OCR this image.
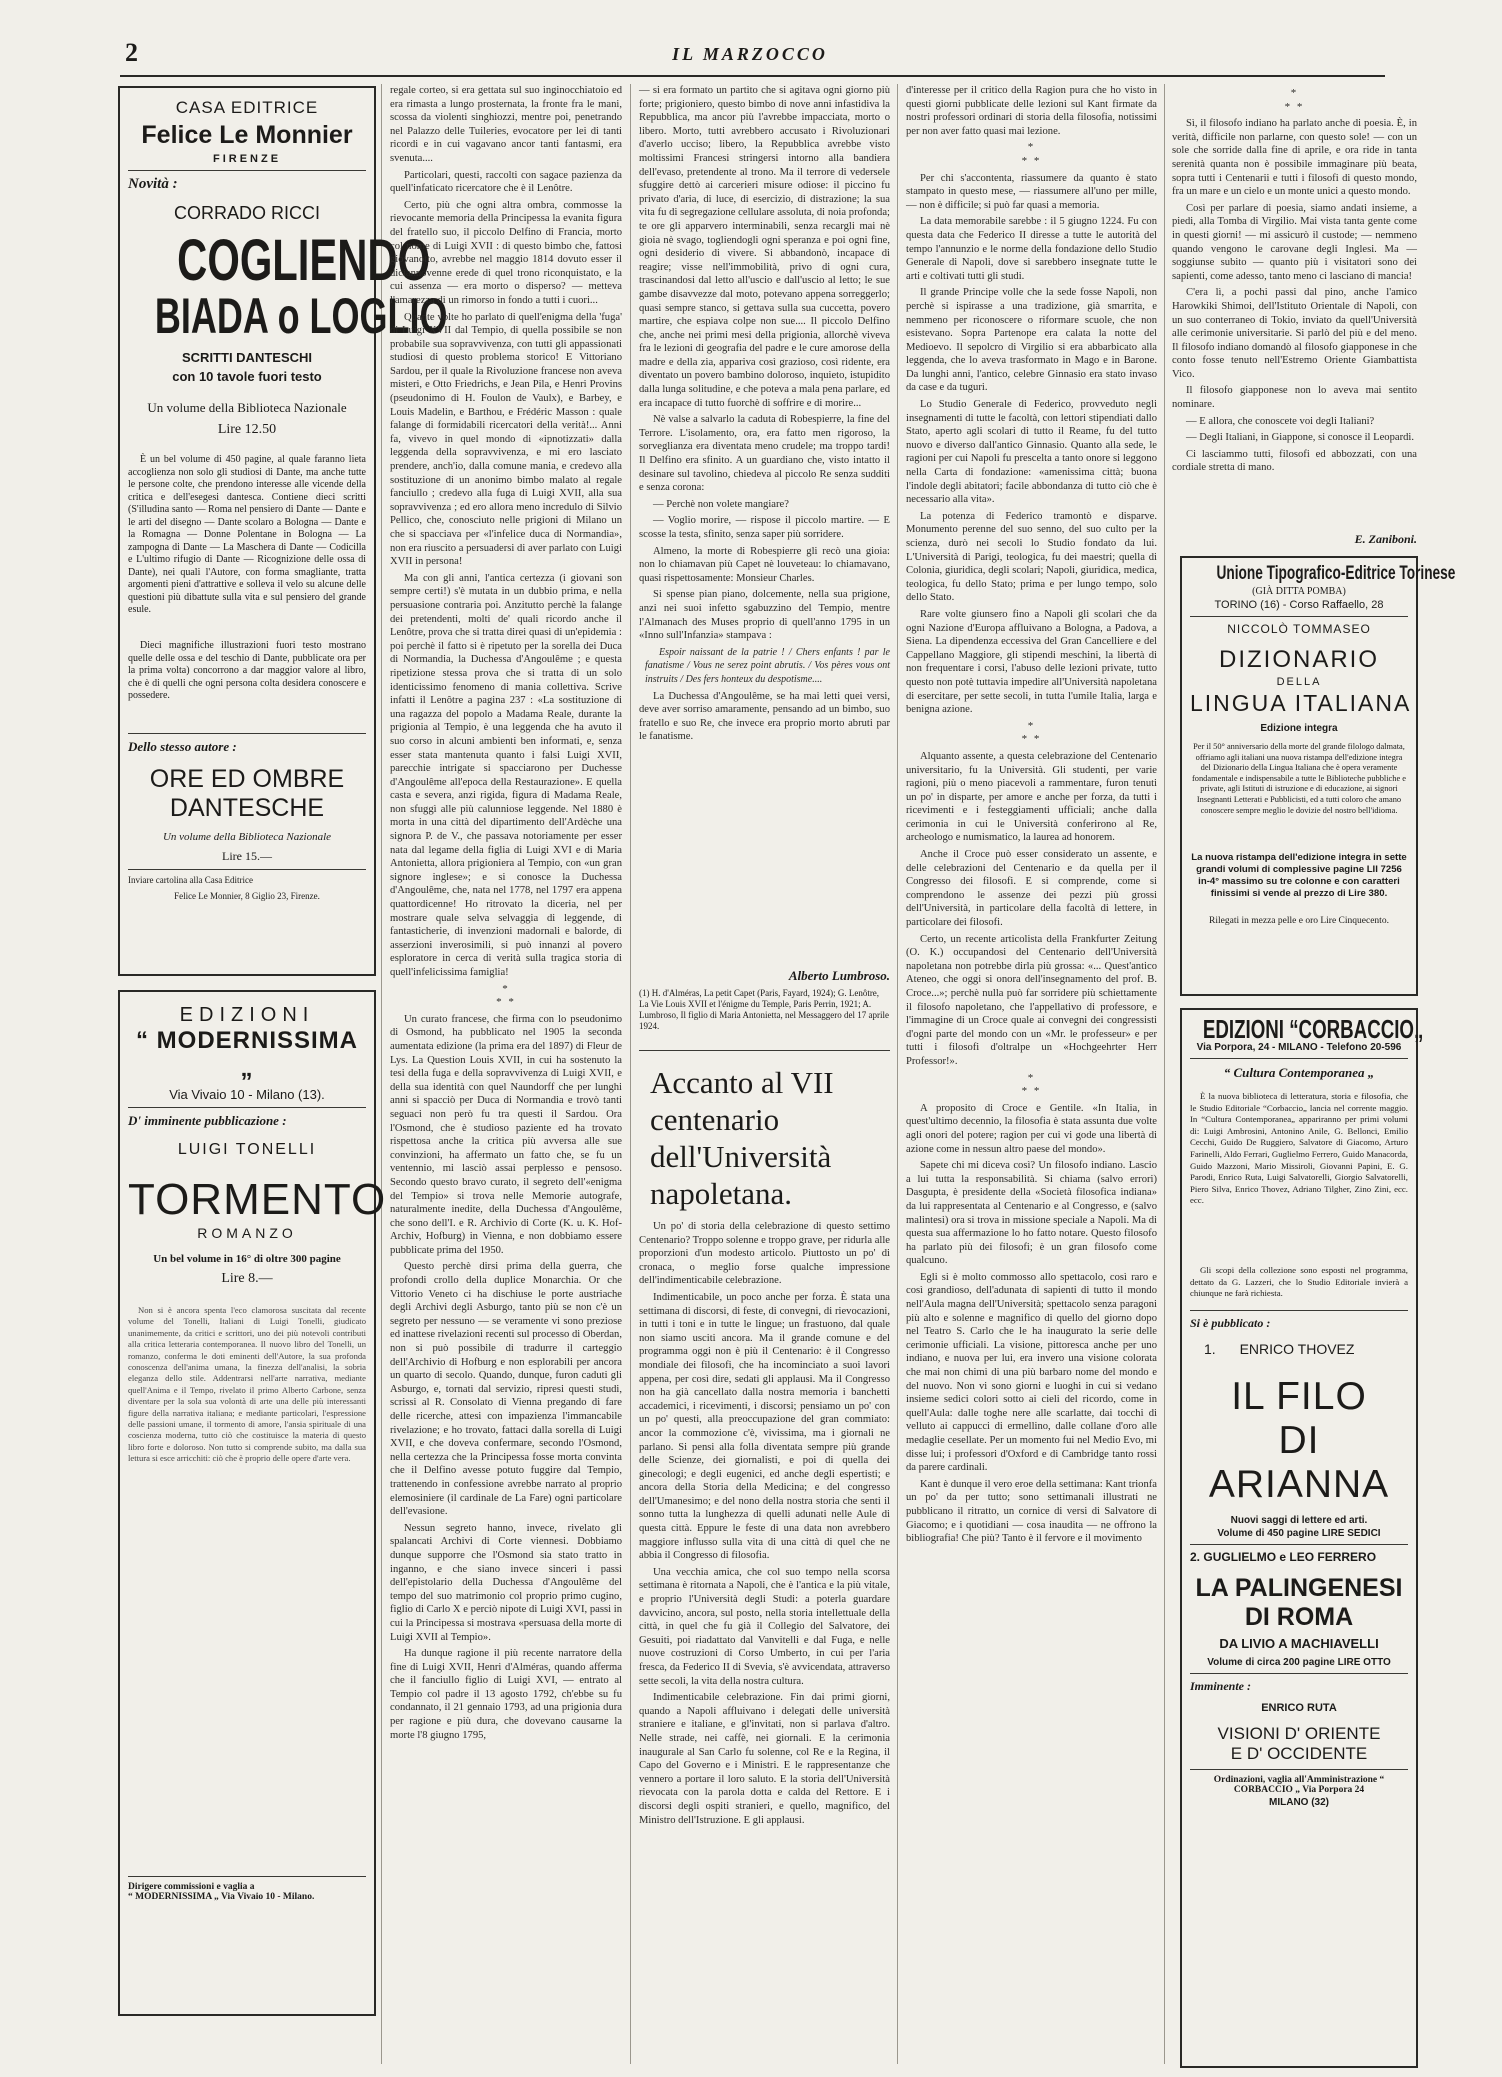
2	IL MARZOCCO
CASA EDITRICE
Felice Le Monnier
FIRENZE
Novità :
CORRADO RICCI
COGLIENDO
BIADA o LOGLIO
SCRITTI DANTESCHI
con 10 tavole fuori testo
Un volume della Biblioteca Nazionale
Lire 12.50

È un bel volume di 450 pagine, al quale faranno lieta accoglienza non solo gli studiosi di Dante, ma anche tutte le persone colte, che prendono interesse alle vicende della critica e dell'esegesi dantesca. Contiene dieci scritti (S'illudina santo — Roma nel pensiero di Dante — Dante e le arti del disegno — Dante scolaro a Bologna — Dante e la Romagna — Donne Polentane in Bologna — La zampogna di Dante — La Maschera di Dante — Codicilla e L'ultimo rifugio di Dante — Ricognizione delle ossa di Dante), nei quali l'Autore, con forma smagliante, tratta argomenti pieni d'attrattive e solleva il velo su alcune delle questioni più dibattute sulla vita e sul pensiero del grande esule.

Dieci magnifiche illustrazioni fuori testo mostrano quelle delle ossa e del teschio di Dante, pubblicate ora per la prima volta) concorrono a dar maggior valore al libro, che è di quelli che ogni persona colta desidera conoscere e possedere.

Dello stesso autore :
ORE ED OMBRE
DANTESCHE
Un volume della Biblioteca Nazionale
Lire 15.—
Inviare cartolina alla Casa Editrice
Felice Le Monnier, 8 Giglio 23, Firenze.
EDIZIONI
“ MODERNISSIMA „
Via Vivaio 10 - Milano (13).
D' imminente pubblicazione :
LUIGI TONELLI
TORMENTO
ROMANZO
Un bel volume in 16° di oltre 300 pagine
Lire 8.—

Non si è ancora spenta l'eco clamorosa suscitata dal recente volume del Tonelli, Italiani di Luigi Tonelli, giudicato unanimemente, da critici e scrittori, uno dei più notevoli contributi alla critica letteraria contemporanea. Il nuovo libro del Tonelli, un romanzo, conferma le doti eminenti dell'Autore, la sua profonda conoscenza dell'anima umana, la finezza dell'analisi, la sobria eleganza dello stile. Addentrarsi nell'arte narrativa, mediante quell'Anima e il Tempo, rivelato il primo Alberto Carbone, senza diventare per la sola sua volontà di arte una delle più interessanti figure della narrativa italiana; e mediante particolari, l'espressione delle passioni umane, il tormento di amore, l'ansia spirituale di una coscienza moderna, tutto ciò che costituisce la materia di questo libro forte e doloroso. Non tutto si comprende subito, ma dalla sua lettura si esce arricchiti: ciò che è proprio delle opere d'arte vera.

Dirigere commissioni e vaglia a
“ MODERNISSIMA „ Via Vivaio 10 - Milano.

regale corteo, si era gettata sul suo inginocchiatoio ed era rimasta a lungo prosternata, la fronte fra le mani, scossa da violenti singhiozzi, mentre poi, penetrando nel Palazzo delle Tuileries, evocatore per lei di tanti ricordi e in cui vagavano ancor tanti fantasmi, era svenuta....

Particolari, questi, raccolti con sagace pazienza da quell'infaticato ricercatore che è il Lenôtre.

Certo, più che ogni altra ombra, commosse la rievocante memoria della Principessa la evanita figura del fratello suo, il piccolo Delfino di Francia, morto col nome di Luigi XVII : di questo bimbo che, fattosi giovanotto, avrebbe nel maggio 1814 dovuto esser il diciannovenne erede di quel trono riconquistato, e la cui assenza — era morto o disperso? — metteva l'amarezza di un rimorso in fondo a tutti i cuori...

Quante volte ho parlato di quell'enigma della 'fuga' di Luigi XVII dal Tempio, di quella possibile se non probabile sua sopravvivenza, con tutti gli appassionati studiosi di questo problema storico! E Vittoriano Sardou, per il quale la Rivoluzione francese non aveva misteri, e Otto Friedrichs, e Jean Pila, e Henri Provins (pseudonimo di H. Foulon de Vaulx), e Barbey, e Louis Madelin, e Barthou, e Frédéric Masson : quale falange di formidabili ricercatori della verità!... Anni fa, vivevo in quel mondo di «ipnotizzati» dalla leggenda della sopravvivenza, e mi ero lasciato prendere, anch'io, dalla comune mania, e credevo alla sostituzione di un anonimo bimbo malato al regale fanciullo ; credevo alla fuga di Luigi XVII, alla sua sopravvivenza ; ed ero allora meno incredulo di Silvio Pellico, che, conosciuto nelle prigioni di Milano un che si spacciava per «l'infelice duca di Normandia», non era riuscito a persuadersi di aver parlato con Luigi XVII in persona!

Ma con gli anni, l'antica certezza (i giovani son sempre certi!) s'è mutata in un dubbio prima, e nella persuasione contraria poi. Anzitutto perchè la falange dei pretendenti, molti de' quali ricordo anche il Lenôtre, prova che si tratta direi quasi di un'epidemia : poi perchè il fatto si è ripetuto per la sorella dei Duca di Normandia, la Duchessa d'Angoulême ; e questa ripetizione stessa prova che si tratta di un solo identicissimo fenomeno di mania collettiva. Scrive infatti il Lenôtre a pagina 237 : «La sostituzione di una ragazza del popolo a Madama Reale, durante la prigionia al Tempio, è una leggenda che ha avuto il suo corso in alcuni ambienti ben informati, e, senza esser stata mantenuta quanto i falsi Luigi XVII, parecchie intrigate si spacciarono per Duchesse d'Angoulême all'epoca della Restaurazione». E quella casta e severa, anzi rigida, figura di Madama Reale, non sfuggì alle più calunniose leggende. Nel 1880 è morta in una città del dipartimento dell'Ardèche una signora P. de V., che passava notoriamente per esser nata dal legame della figlia di Luigi XVI e di Maria Antonietta, allora prigioniera al Tempio, con «un gran signore inglese»; e si conosce la Duchessa d'Angoulême, che, nata nel 1778, nel 1797 era appena quattordicenne! Ho ritrovato la diceria, nel per mostrare quale selva selvaggia di leggende, di fantasticherie, di invenzioni madornali e balorde, di asserzioni inverosimili, si può innanzi al povero esploratore in cerca di verità sulla tragica storia di quell'infelicissima famiglia!

*
* *

Un curato francese, che firma con lo pseudonimo di Osmond, ha pubblicato nel 1905 la seconda aumentata edizione (la prima era del 1897) di Fleur de Lys. La Question Louis XVII, in cui ha sostenuto la tesi della fuga e della sopravvivenza di Luigi XVII, e della sua identità con quel Naundorff che per lunghi anni si spacciò per Duca di Normandia e trovò tanti seguaci non però fu tra questi il Sardou. Ora l'Osmond, che è studioso paziente ed ha trovato rispettosa anche la critica più avversa alle sue convinzioni, ha affermato un fatto che, se fu un ventennio, mi lasciò assai perplesso e pensoso. Secondo questo bravo curato, il segreto dell'«enigma del Tempio» si trova nelle Memorie autografe, naturalmente inedite, della Duchessa d'Angoulême, che sono dell'I. e R. Archivio di Corte (K. u. K. Hof-Archiv, Hofburg) in Vienna, e non dobbiamo essere pubblicate prima del 1950.

Questo perchè dirsi prima della guerra, che profondi crollo della duplice Monarchia. Or che Vittorio Veneto ci ha dischiuse le porte austriache degli Archivi degli Asburgo, tanto più se non c'è un segreto per nessuno — se veramente vi sono preziose ed inattese rivelazioni recenti sul processo di Oberdan, non si può possibile di tradurre il carteggio dell'Archivio di Hofburg e non esplorabili per ancora un quarto di secolo. Quando, dunque, furon caduti gli Asburgo, e, tornati dal servizio, ripresi questi studi, scrissi al R. Consolato di Vienna pregando di fare delle ricerche, attesi con impazienza l'immancabile rivelazione; e ho trovato, fattaci dalla sorella di Luigi XVII, e che doveva confermare, secondo l'Osmond, nella certezza che la Principessa fosse morta convinta che il Delfino avesse potuto fuggire dal Tempio, trattenendo in confessione avrebbe narrato al proprio elemosiniere (il cardinale de La Fare) ogni particolare dell'evasione.

Nessun segreto hanno, invece, rivelato gli spalancati Archivi di Corte viennesi. Dobbiamo dunque supporre che l'Osmond sia stato tratto in inganno, e che siano invece sinceri i passi dell'epistolario della Duchessa d'Angoulême del tempo del suo matrimonio col proprio primo cugino, figlio di Carlo X e perciò nipote di Luigi XVI, passi in cui la Principessa si mostrava «persuasa della morte di Luigi XVII al Tempio».

Ha dunque ragione il più recente narratore della fine di Luigi XVII, Henri d'Alméras, quando afferma che il fanciullo figlio di Luigi XVI, — entrato al Tempio col padre il 13 agosto 1792, ch'ebbe su fu condannato, il 21 gennaio 1793, ad una prigionia dura per ragione e più dura, che dovevano causarne la morte l'8 giugno 1795,

— si era formato un partito che si agitava ogni giorno più forte; prigioniero, questo bimbo di nove anni infastidiva la Repubblica, ma ancor più l'avrebbe impacciata, morto o libero. Morto, tutti avrebbero accusato i Rivoluzionari d'averlo ucciso; libero, la Repubblica avrebbe visto moltissimi Francesi stringersi intorno alla bandiera dell'evaso, pretendente al trono. Ma il terrore di vedersele sfuggire dettò ai carcerieri misure odiose: il piccino fu privato d'aria, di luce, di esercizio, di distrazione; la sua vita fu di segregazione cellulare assoluta, di noia profonda; te ore gli apparvero interminabili, senza recargli mai nè gioia nè svago, togliendogli ogni speranza e poi ogni fine, ogni desiderio di vivere. Si abbandonò, incapace di reagire; visse nell'immobilità, privo di ogni cura, trascinandosi dal letto all'uscio e dall'uscio al letto; le sue gambe disavvezze dal moto, potevano appena sorreggerlo; quasi sempre stanco, si gettava sulla sua cuccetta, povero martire, che espiava colpe non sue.... Il piccolo Delfino che, anche nei primi mesi della prigionia, allorchè viveva fra le lezioni di geografia del padre e le cure amorose della madre e della zia, appariva così grazioso, così ridente, era diventato un povero bambino doloroso, inquieto, istupidito dalla lunga solitudine, e che poteva a mala pena parlare, ed era incapace di tutto fuorchè di soffrire e di morire...

Nè valse a salvarlo la caduta di Robespierre, la fine del Terrore. L'isolamento, ora, era fatto men rigoroso, la sorveglianza era diventata meno crudele; ma troppo tardi! Il Delfino era sfinito. A un guardiano che, visto intatto il desinare sul tavolino, chiedeva al piccolo Re senza sudditi e senza corona:

— Perchè non volete mangiare?

— Voglio morire, — rispose il piccolo martire. — E scosse la testa, sfinito, senza saper più sorridere.

Almeno, la morte di Robespierre gli recò una gioia: non lo chiamavan più Capet nè louveteau: lo chiamavano, quasi rispettosamente: Monsieur Charles.

Si spense pian piano, dolcemente, nella sua prigione, anzi nei suoi infetto sgabuzzino del Tempio, mentre l'Almanach des Muses proprio di quell'anno 1795 in un «Inno sull'Infanzia» stampava :

Espoir naissant de la patrie ! / Chers enfants ! par le fanatisme / Vous ne serez point abrutis. / Vos pères vous ont instruits / Des fers honteux du despotisme....

La Duchessa d'Angoulême, se ha mai letti quei versi, deve aver sorriso amaramente, pensando ad un bimbo, suo fratello e suo Re, che invece era proprio morto abruti par le fanatisme.

Alberto Lumbroso.
(1) H. d'Alméras, La petit Capet (Paris, Fayard, 1924); G. Lenôtre, La Vie Louis XVII et l'énigme du Temple, Paris Perrin, 1921; A. Lumbroso, Il figlio di Maria Antonietta, nel Messaggero del 17 aprile 1924.
Accanto al VII centenario dell'Università napoletana.

Un po' di storia della celebrazione di questo settimo Centenario? Troppo solenne e troppo grave, per ridurla alle proporzioni d'un modesto articolo. Piuttosto un po' di cronaca, o meglio forse qualche impressione dell'indimenticabile celebrazione.

Indimenticabile, un poco anche per forza. È stata una settimana di discorsi, di feste, di convegni, di rievocazioni, in tutti i toni e in tutte le lingue; un frastuono, dal quale non siamo usciti ancora. Ma il grande comune e del programma oggi non è più il Centenario: è il Congresso mondiale dei filosofi, che ha incominciato a suoi lavori appena, per così dire, sedati gli applausi. Ma il Congresso non ha già cancellato dalla nostra memoria i banchetti accademici, i ricevimenti, i discorsi; pensiamo un po' con un po' questi, alla preoccupazione del gran commiato: ancor la commozione c'è, vivissima, ma i giornali ne parlano. Si pensi alla folla diventata sempre più grande delle Scienze, dei giornalisti, e poi di quella dei ginecologi; e degli eugenici, ed anche degli espertisti; e ancora della Storia della Medicina; e del congresso dell'Umanesimo; e del nono della nostra storia che senti il sonno tutta la lunghezza di quelli adunati nelle Aule di questa città. Eppure le feste di una data non avrebbero maggiore influsso sulla vita di una città di quel che ne abbia il Congresso di filosofia.

Una vecchia amica, che col suo tempo nella scorsa settimana è ritornata a Napoli, che è l'antica e la più vitale, e proprio l'Università degli Studi: a poterla guardare davvicino, ancora, sul posto, nella storia intellettuale della città, in quel che fu già il Collegio del Salvatore, dei Gesuiti, poi riadattato dal Vanvitelli e dal Fuga, e nelle nuove costruzioni di Corso Umberto, in cui per l'aria fresca, da Federico II di Svevia, s'è avvicendata, attraverso sette secoli, la vita della nostra cultura.

Indimenticabile celebrazione. Fin dai primi giorni, quando a Napoli affluivano i delegati delle università straniere e italiane, e gl'invitati, non si parlava d'altro. Nelle strade, nei caffè, nei giornali. E la cerimonia inaugurale al San Carlo fu solenne, col Re e la Regina, il Capo del Governo e i Ministri. E le rappresentanze che vennero a portare il loro saluto. E la storia dell'Università rievocata con la parola dotta e calda del Rettore. E i discorsi degli ospiti stranieri, e quello, magnifico, del Ministro dell'Istruzione. E gli applausi.

d'interesse per il critico della Ragion pura che ho visto in questi giorni pubblicate delle lezioni sul Kant firmate da nostri professori ordinari di storia della filosofia, notissimi per non aver fatto quasi mai lezione.

*
* *

Per chi s'accontenta, riassumere da quanto è stato stampato in questo mese, — riassumere all'uno per mille, — non è difficile; si può far quasi a memoria.

La data memorabile sarebbe : il 5 giugno 1224. Fu con questa data che Federico II diresse a tutte le autorità del tempo l'annunzio e le norme della fondazione dello Studio Generale di Napoli, dove si sarebbero insegnate tutte le arti e coltivati tutti gli studi.

Il grande Principe volle che la sede fosse Napoli, non perchè si ispirasse a una tradizione, già smarrita, e nemmeno per riconoscere o riformare scuole, che non esistevano. Sopra Partenope era calata la notte del Medioevo. Il sepolcro di Virgilio si era abbarbicato alla leggenda, che lo aveva trasformato in Mago e in Barone. Da lunghi anni, l'antico, celebre Ginnasio era stato invaso da case e da tuguri.

Lo Studio Generale di Federico, provveduto negli insegnamenti di tutte le facoltà, con lettori stipendiati dallo Stato, aperto agli scolari di tutto il Reame, fu del tutto nuovo e diverso dall'antico Ginnasio. Quanto alla sede, le ragioni per cui Napoli fu prescelta a tanto onore si leggono nella Carta di fondazione: «amenissima città; buona l'indole degli abitatori; facile abbondanza di tutto ciò che è necessario alla vita».

La potenza di Federico tramontò e disparve. Monumento perenne del suo senno, del suo culto per la scienza, durò nei secoli lo Studio fondato da lui. L'Università di Parigi, teologica, fu dei maestri; quella di Colonia, giuridica, degli scolari; Napoli, giuridica, medica, teologica, fu dello Stato; prima e per lungo tempo, solo dello Stato.

Rare volte giunsero fino a Napoli gli scolari che da ogni Nazione d'Europa affluivano a Bologna, a Padova, a Siena. La dipendenza eccessiva del Gran Cancelliere e del Cappellano Maggiore, gli stipendi meschini, la libertà di non frequentare i corsi, l'abuso delle lezioni private, tutto questo non potè tuttavia impedire all'Università napoletana di esercitare, per sette secoli, in tutta l'umile Italia, larga e benigna azione.

*
* *

Alquanto assente, a questa celebrazione del Centenario universitario, fu la Università. Gli studenti, per varie ragioni, più o meno piacevoli a rammentare, furon tenuti un po' in disparte, per amore e anche per forza, da tutti i ricevimenti e i festeggiamenti ufficiali; anche dalla cerimonia in cui le Università conferirono al Re, archeologo e numismatico, la laurea ad honorem.

Anche il Croce può esser considerato un assente, e delle celebrazioni del Centenario e da quella per il Congresso dei filosofi. E si comprende, come si comprendono le assenze dei pezzi più grossi dell'Università, in particolare della facoltà di lettere, in particolare dei filosofi.

Certo, un recente articolista della Frankfurter Zeitung (O. K.) occupandosi del Centenario dell'Università napoletana non potrebbe dirla più grossa: «... Quest'antico Ateneo, che oggi si onora dell'insegnamento del prof. B. Croce...»; perchè nulla può far sorridere più schiettamente il filosofo napoletano, che l'appellativo di professore, e l'immagine di un Croce quale ai convegni dei congressisti d'ogni parte del mondo con un «Mr. le professeur» e per tutti i filosofi d'oltralpe un «Hochgeehrter Herr Professor!».

*
* *

A proposito di Croce e Gentile. «In Italia, in quest'ultimo decennio, la filosofia è stata assunta due volte agli onori del potere; ragion per cui vi gode una libertà di azione come in nessun altro paese del mondo».

Sapete chi mi diceva così? Un filosofo indiano. Lascio a lui tutta la responsabilità. Si chiama (salvo errori) Dasgupta, è presidente della «Società filosofica indiana» da lui rappresentata al Centenario e al Congresso, e (salvo malintesi) ora si trova in missione speciale a Napoli. Ma di questa sua affermazione lo ho fatto notare. Questo filosofo ha parlato più dei filosofi; è un gran filosofo come qualcuno.

Egli si è molto commosso allo spettacolo, così raro e così grandioso, dell'adunata di sapienti di tutto il mondo nell'Aula magna dell'Università; spettacolo senza paragoni più alto e solenne e magnifico di quello del giorno dopo nel Teatro S. Carlo che le ha inaugurato la serie delle cerimonie ufficiali. La visione, pittoresca anche per uno indiano, e nuova per lui, era invero una visione colorata che mai non chimi di una più barbaro nome del mondo e del nuovo. Non vi sono giorni e luoghi in cui si vedano insieme sedici colori sotto ai cieli del ricordo, come in quell'Aula: dalle toghe nere alle scarlatte, dai tocchi di velluto ai cappucci di ermellino, dalle collane d'oro alle medaglie cesellate. Per un momento fui nel Medio Evo, mi disse lui; i professori d'Oxford e di Cambridge tanto rossi da parere cardinali.

Kant è dunque il vero eroe della settimana: Kant trionfa un po' da per tutto; sono settimanali illustrati ne pubblicano il ritratto, un cornice di versi di Salvatore di Giacomo; e i quotidiani — cosa inaudita — ne offrono la bibliografia! Che più? Tanto è il fervore e il movimento

*
* *

Sì, il filosofo indiano ha parlato anche di poesia. È, in verità, difficile non parlarne, con questo sole! — con un sole che sorride dalla fine di aprile, e ora ride in tanta serenità quanta non è possibile immaginare più beata, sopra tutti i Centenarii e tutti i filosofi di questo mondo, fra un mare e un cielo e un monte unici a questo mondo.

Così per parlare di poesia, siamo andati insieme, a piedi, alla Tomba di Virgilio. Mai vista tanta gente come in questi giorni! — mi assicurò il custode; — nemmeno quando vengono le carovane degli Inglesi. Ma — soggiunse subito — quanto più i visitatori sono dei sapienti, come adesso, tanto meno ci lasciano di mancia!

C'era lì, a pochi passi dal pino, anche l'amico Harowkiki Shimoi, dell'Istituto Orientale di Napoli, con un suo conterraneo di Tokio, inviato da quell'Università alle cerimonie universitarie. Si parlò del più e del meno. Il filosofo indiano domandò al filosofo giapponese in che conto fosse tenuto nell'Estremo Oriente Giambattista Vico.

Il filosofo giapponese non lo aveva mai sentito nominare.

— E allora, che conoscete voi degli Italiani?

— Degli Italiani, in Giappone, si conosce il Leopardi.

Ci lasciammo tutti, filosofi ed abbozzati, con una cordiale stretta di mano.

E. Zaniboni.
Unione Tipografico-Editrice Torinese
(GIÀ DITTA POMBA)
TORINO (16) - Corso Raffaello, 28
NICCOLÒ TOMMASEO
DIZIONARIO
DELLA
LINGUA ITALIANA
Edizione integra

Per il 50° anniversario della morte del grande filologo dalmata, offriamo agli italiani una nuova ristampa dell'edizione integra del Dizionario della Lingua Italiana che è opera veramente fondamentale e indispensabile a tutte le Biblioteche pubbliche e private, agli Istituti di istruzione e di educazione, ai signori Insegnanti Letterati e Pubblicisti, ed a tutti coloro che amano conoscere sempre meglio le dovizie del nostro bell'idioma.

La nuova ristampa dell'edizione integra in sette grandi volumi di complessive pagine LII 7256 in-4° massimo su tre colonne e con caratteri finissimi si vende al prezzo di Lire 380.

Rilegati in mezza pelle e oro Lire Cinquecento.
EDIZIONI “CORBACCIO„
Via Porpora, 24 - MILANO - Telefono 20-596
“ Cultura Contemporanea „

È la nuova biblioteca di letteratura, storia e filosofia, che le Studio Editoriale “Corbaccio„ lancia nel corrente maggio. In “Cultura Contemporanea„ appariranno per primi volumi di: Luigi Ambrosini, Antonino Anile, G. Bellonci, Emilio Cecchi, Guido De Ruggiero, Salvatore di Giacomo, Arturo Farinelli, Aldo Ferrari, Guglielmo Ferrero, Guido Manacorda, Guido Mazzoni, Mario Missiroli, Giovanni Papini, E. G. Parodi, Enrico Ruta, Luigi Salvatorelli, Giorgio Salvatorelli, Piero Silva, Enrico Thovez, Adriano Tilgher, Zino Zini, ecc. ecc.

Gli scopi della collezione sono esposti nel programma, dettato da G. Lazzeri, che lo Studio Editoriale invierà a chiunque ne farà richiesta.

Si è pubblicato :
1. ENRICO THOVEZ
IL FILO
DI ARIANNA
Nuovi saggi di lettere ed arti.
Volume di 450 pagine LIRE SEDICI
2. GUGLIELMO e LEO FERRERO
LA PALINGENESI
DI ROMA
DA LIVIO A MACHIAVELLI
Volume di circa 200 pagine LIRE OTTO
Imminente :
ENRICO RUTA
VISIONI D' ORIENTE
E D' OCCIDENTE
Ordinazioni, vaglia all'Amministrazione “ CORBACCIO „ Via Porpora 24
MILANO (32)
